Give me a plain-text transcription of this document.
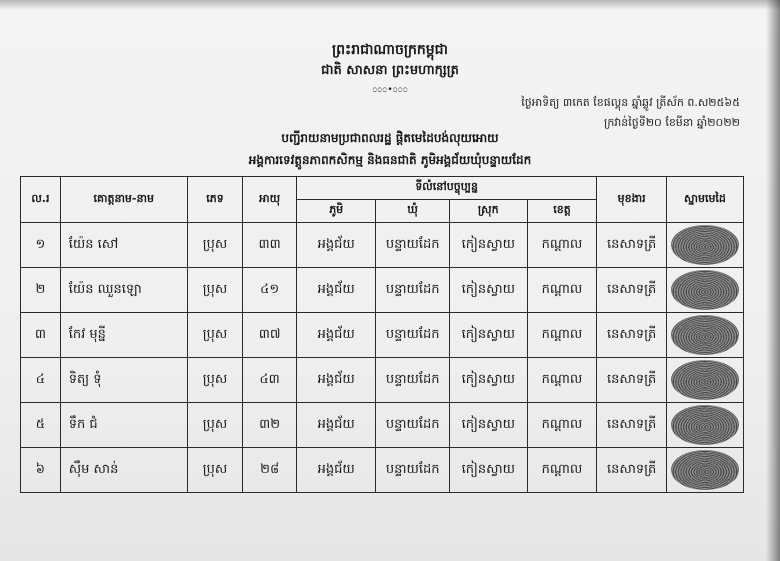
ព្រះរាជាណាចក្រកម្ពុជា
ជាតិ សាសនា ព្រះមហាក្សត្រ
೦೦೦•೦೦೦
ថ្ងៃអាទិត្យ ៣កេត ខែផល្គុន ឆ្នាំឆ្លូវ ត្រីស័ក ព.ស២៥៦៥
ក្រវាន់ថ្ងៃទី២០ ខែមីនា ឆ្នាំ២០២២
បញ្ជីរាយនាមប្រជាពលរដ្ឋ ផ្តិតមេដៃបង់លុយអោយ
អង្គការទេវត្តូនភាពកសិកម្ម និងធនជាតិ ភូមិអង្គជ័យឃុំបន្ទាយដែក
ល.រ	គោត្តនាម-នាម	ភេទ	អាយុ	ទីលំនៅបច្ចុប្បន្ន				មុខងារ	ស្នាមមេដៃ
				ភូមិ	ឃុំ	ស្រុក	ខេត្ត		
១	យ៉ែន សៅ	ប្រុស	៣៣	អង្គជ័យ	បន្ទាយដែក	កៀនស្វាយ	កណ្តាល	នេសាទត្រី	

២	យ៉ែន ឈួនឡោ	ប្រុស	៤១	អង្គជ័យ	បន្ទាយដែក	កៀនស្វាយ	កណ្តាល	នេសាទត្រី	

៣	កែវ មុន្នី	ប្រុស	៣៧	អង្គជ័យ	បន្ទាយដែក	កៀនស្វាយ	កណ្តាល	នេសាទត្រី	

៤	ទិត្យ ទុំ	ប្រុស	៤៣	អង្គជ័យ	បន្ទាយដែក	កៀនស្វាយ	កណ្តាល	នេសាទត្រី	

៥	ទឹក ជំ	ប្រុស	៣២	អង្គជ័យ	បន្ទាយដែក	កៀនស្វាយ	កណ្តាល	នេសាទត្រី	

៦	ស៊ឹម សាន់	ប្រុស	២៨	អង្គជ័យ	បន្ទាយដែក	កៀនស្វាយ	កណ្តាល	នេសាទត្រី	
